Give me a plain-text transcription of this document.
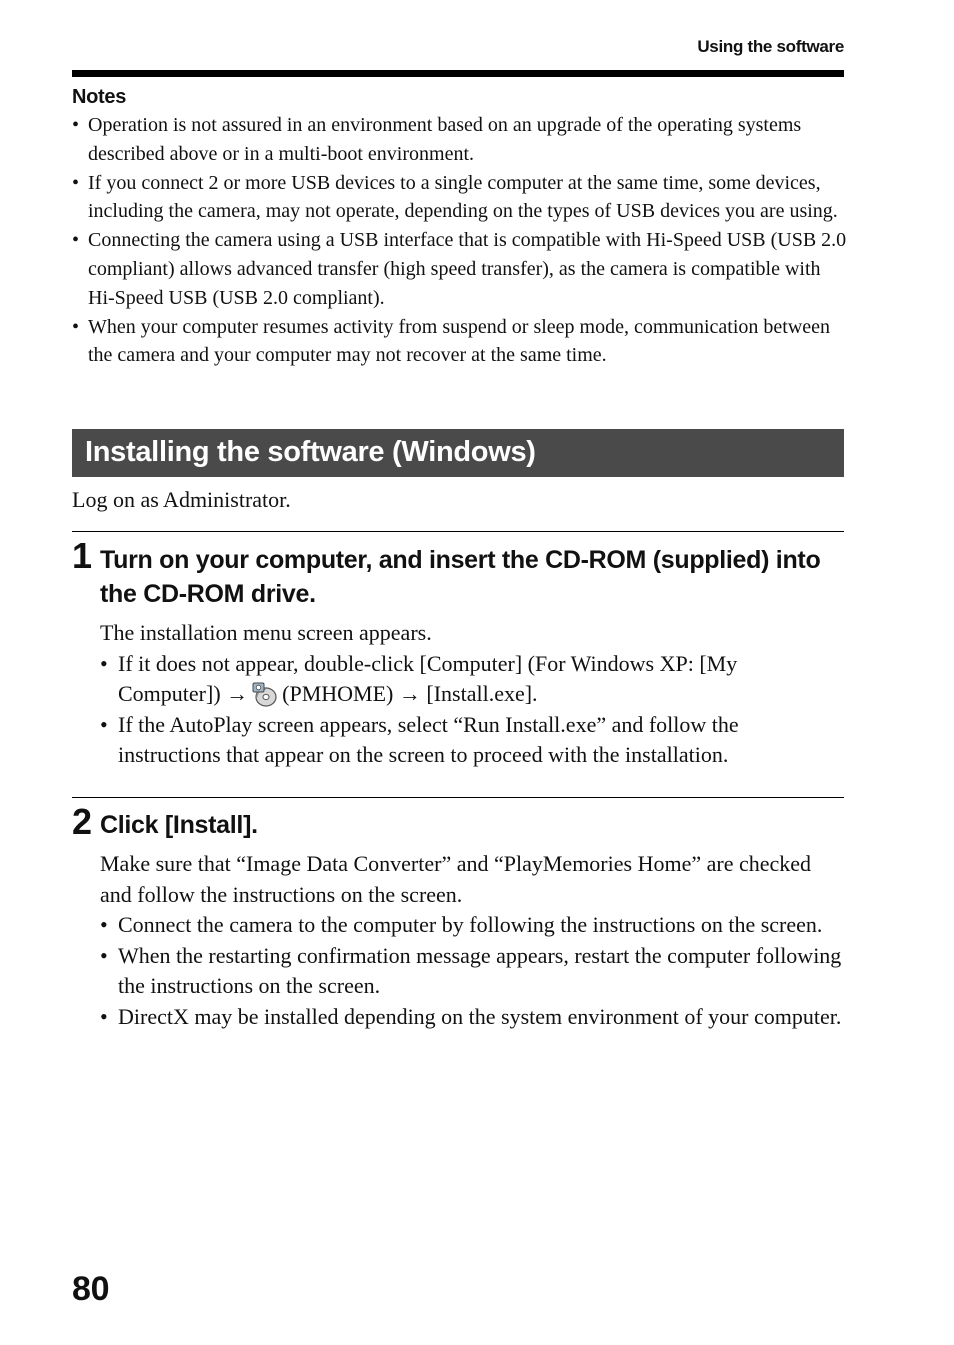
Using the software
Notes
• Operation is not assured in an environment based on an upgrade of the operating systems described above or in a multi-boot environment.
• If you connect 2 or more USB devices to a single computer at the same time, some devices, including the camera, may not operate, depending on the types of USB devices you are using.
• Connecting the camera using a USB interface that is compatible with Hi-Speed USB (USB 2.0 compliant) allows advanced transfer (high speed transfer), as the camera is compatible with Hi-Speed USB (USB 2.0 compliant).
• When your computer resumes activity from suspend or sleep mode, communication between the camera and your computer may not recover at the same time.
Installing the software (Windows)
Log on as Administrator.
1 Turn on your computer, and insert the CD-ROM (supplied) into the CD-ROM drive.
The installation menu screen appears.
• If it does not appear, double-click [Computer] (For Windows XP: [My Computer]) → (PMHOME) → [Install.exe].
• If the AutoPlay screen appears, select “Run Install.exe” and follow the instructions that appear on the screen to proceed with the installation.
2 Click [Install].
Make sure that “Image Data Converter” and “PlayMemories Home” are checked and follow the instructions on the screen.
• Connect the camera to the computer by following the instructions on the screen.
• When the restarting confirmation message appears, restart the computer following the instructions on the screen.
• DirectX may be installed depending on the system environment of your computer.
80
